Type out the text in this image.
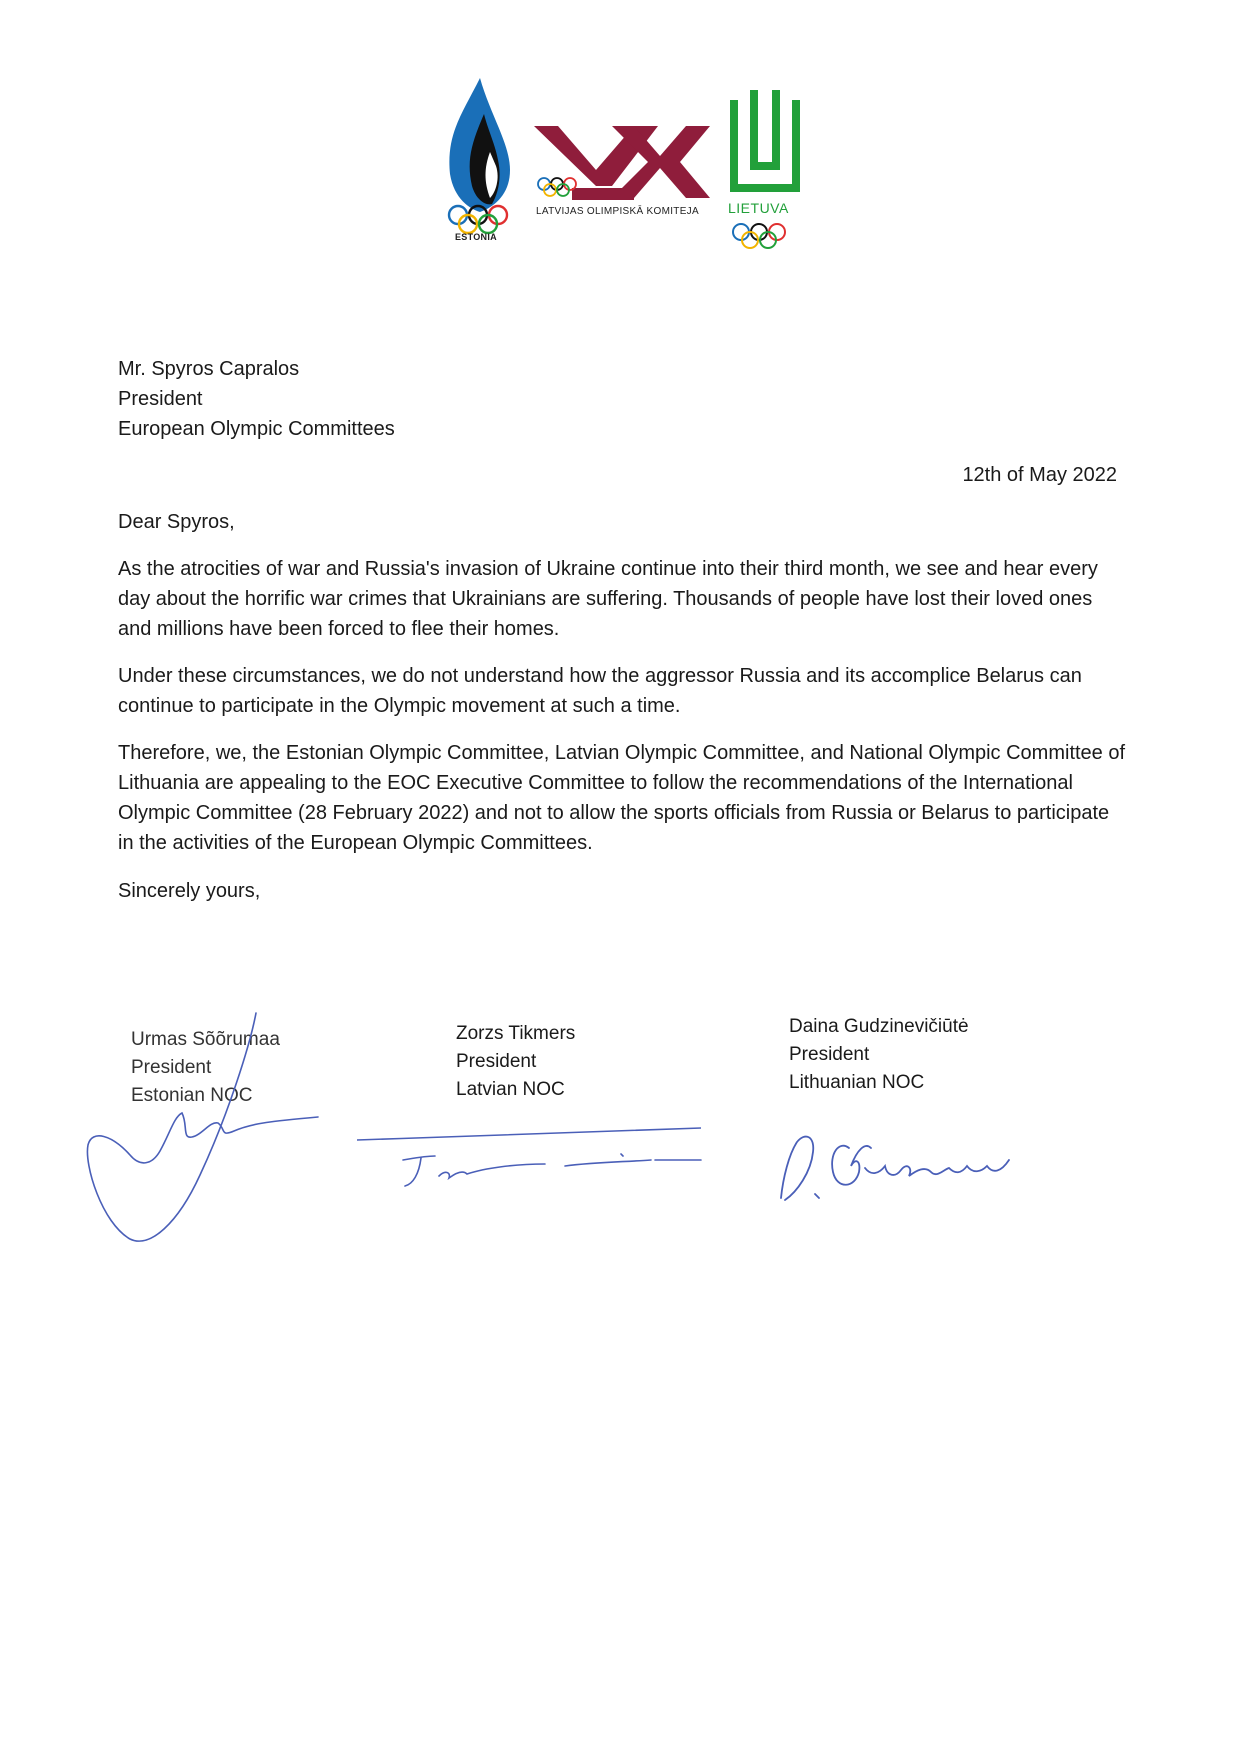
ESTONIA
LATVIJAS OLIMPISKĀ KOMITEJA LIETUVA
Mr. Spyros Capralos
President
European Olympic Committees
12th of May 2022
Dear Spyros,

As the atrocities of war and Russia's invasion of Ukraine continue into their third month, we see and hear every day about the horrific war crimes that Ukrainians are suffering. Thousands of people have lost their loved ones and millions have been forced to flee their homes.

Under these circumstances, we do not understand how the aggressor Russia and its accomplice Belarus can continue to participate in the Olympic movement at such a time.

Therefore, we, the Estonian Olympic Committee, Latvian Olympic Committee, and National Olympic Committee of Lithuania are appealing to the EOC Executive Committee to follow the recommendations of the International Olympic Committee (28 February 2022) and not to allow the sports officials from Russia or Belarus to participate in the activities of the European Olympic Committees.

Sincerely yours,
Urmas Sõõrumaa
President
Estonian NOC
Zorzs Tikmers
President
Latvian NOC
Daina Gudzinevičiūtė
President
Lithuanian NOC
